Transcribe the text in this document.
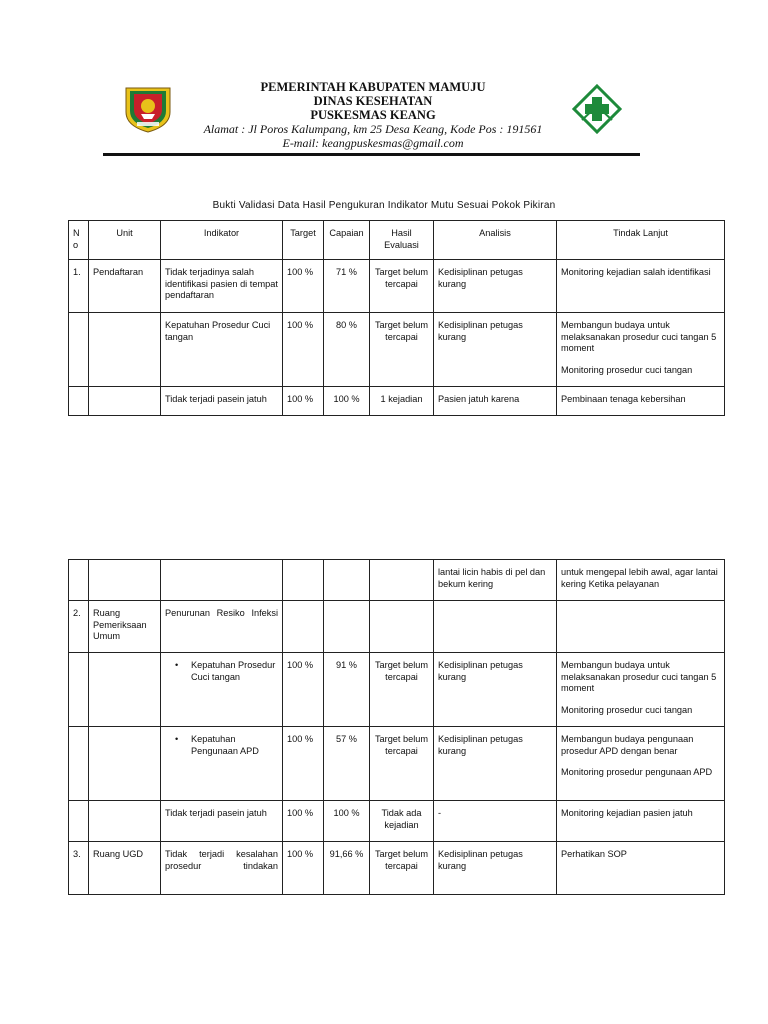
PEMERINTAH KABUPATEN MAMUJU
DINAS KESEHATAN
PUSKESMAS KEANG
Alamat : Jl Poros Kalumpang, km 25 Desa Keang, Kode Pos : 191561
E-mail: keangpuskesmas@gmail.com
Bukti Validasi Data Hasil Pengukuran Indikator Mutu Sesuai Pokok Pikiran
No	Unit	Indikator	Target	Capaian	Hasil Evaluasi	Analisis	Tindak Lanjut
1.	Pendaftaran	Tidak terjadinya salah identifikasi pasien di tempat pendaftaran	100 %	71 %	Target belum tercapai	Kedisiplinan petugas kurang	Monitoring kejadian salah identifikasi
		Kepatuhan Prosedur Cuci tangan	100 %	80 %	Target belum tercapai	Kedisiplinan petugas kurang	Membangun budaya untuk melaksanakan prosedur cuci tangan 5 moment
Monitoring prosedur cuci tangan
		Tidak terjadi pasein jatuh	100 %	100 %	1 kejadian	Pasien jatuh karena	Pembinaan tenaga kebersihan
						lantai licin habis di pel dan bekum kering	untuk mengepal lebih awal, agar lantai kering Ketika pelayanan
2.	Ruang Pemeriksaan Umum	Penurunan Resiko Infeksi					

		• Kepatuhan Prosedur Cuci tangan	100 %	91 %	Target belum tercapai	Kedisiplinan petugas kurang	Membangun budaya untuk melaksanakan prosedur cuci tangan 5 moment
Monitoring prosedur cuci tangan

		• Kepatuhan Pengunaan APD	100 %	57 %	Target belum tercapai	Kedisiplinan petugas kurang	Membangun budaya pengunaan prosedur APD dengan benar
Monitoring prosedur pengunaan APD
		Tidak terjadi pasein jatuh	100 %	100 %	Tidak ada kejadian	-	Monitoring kejadian pasien jatuh
3.	Ruang UGD	Tidak terjadi kesalahan prosedur tindakan	100 %	91,66 %	Target belum tercapai	Kedisiplinan petugas kurang	Perhatikan SOP
